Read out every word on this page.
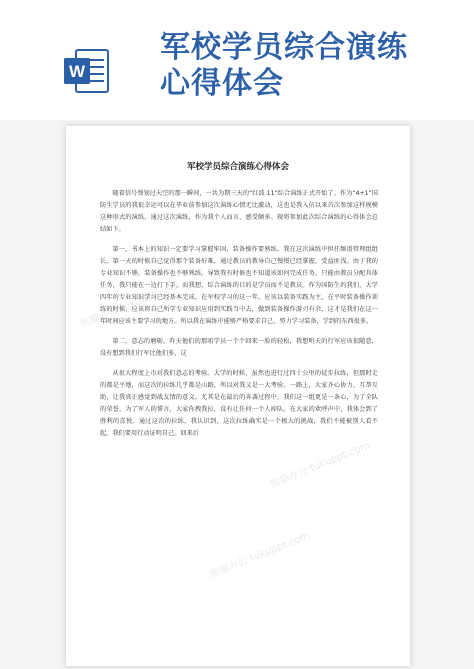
W
军校学员综合演练
心得体会
熊猫办公 tukuppt.com
熊猫办公 tukuppt.com
熊猫办公 tukuppt.com
军校学员综合演练心得体会

随着信号弹划过天空的那一瞬间，一共为期三天的“红波 11”综合演练正式开始了。作为“4+1”国防生学员的我很幸运可以在毕业前参加这次演练心情无比激动，这也是我入伍以来首次参加这样规模这种形式的演练。通过这次演练，作为我个人而言，感受颇多。现将参加此次综合演练的心得体会总结如下。

第一，书本上的知识一定要学习掌握牢固，装备操作要熟练。我在这次演练中担任频谱管理组组长。第一天的时候自己觉得那个装备好难，通过教员的教导自己慢慢已经掌握、受益匪浅。由于我的专业知识不够，装备操作也不够熟练，导致我有时候也不知道该如何完成任务，只能由教员分配具体任务，我只能在一边打下手，而我想，综合演练的目的是学员而不是教员。作为国防生的我们，大学四年的专业知识学习已经基本完成，在军校学习的这一年，应该以装备实践为主，在平时装备操作训练的时候，应该将自己所学专业知识应用到实践当中去，做到装备操作游刃有余，这才是我们在这一年时间应该主要学习的地方。所以我在演练中能够严格要求自己，努力学习装备，学到的东西很多。

第二，意志的磨砺。昨天他们的那咱学员一个个回来一脸的轻松，我想明天的行军应该很随意，没有想到我们行军比他们多，这

从很大程度上市对我们意志的考验。大学的时候，虽然也进行过四十公里的徒步拉练，但那时走的都是平地，而这次的拉练几乎都是山路，所以对我又是一大考验。一路上，大家齐心协力，互帮互助，让我真正感觉到战友情的意义。尤其是在最后的奔袭过程中，我们这一组更是一条心，为了全队的荣誉，为了军人的誓言，大家你拽我拉，没有让任何一个人掉队。在大家的欢呼声中，我体会到了胜利的喜悦。通过这次的拉练，我认识到，这次拉练确实是一个极大的挑战，我们不能被别人看不起，我们要用行动证明自己。回来后
